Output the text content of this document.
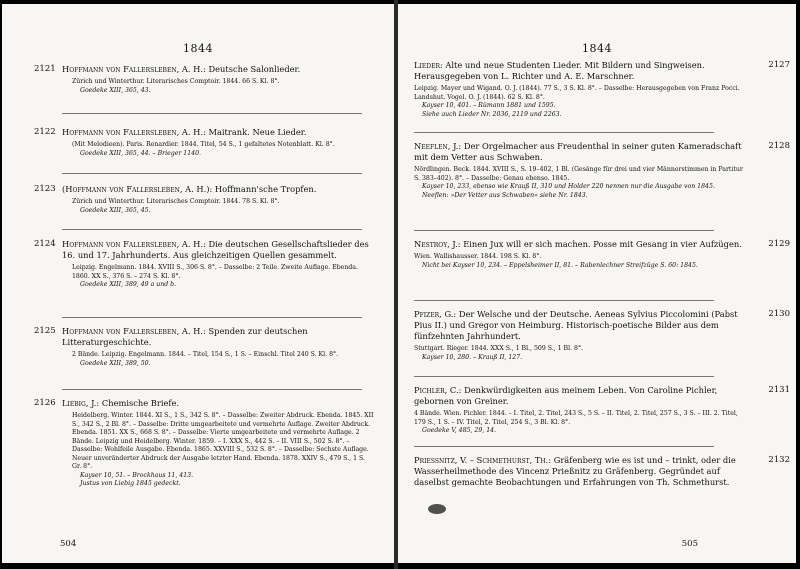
1844
2121 Hoffmann von Fallersleben, A. H.: Deutsche Salonlieder.
Zürich und Winterthur. Literarisches Comptoir. 1844. 66 S. Kl. 8°.
Goedeke XIII, 365, 43.
2122 Hoffmann von Fallersleben, A. H.: Maitrank. Neue Lieder.
(Mit Melodieen). Paris. Renardier. 1844. Titel, 54 S., 1 gefaltetes Notenblatt. Kl. 8°.
Goedeke XIII, 365, 44. – Brieger 1140.
2123 (Hoffmann von Fallersleben, A. H.): Hoffmann'sche Tropfen.
Zürich und Winterthur. Literarisches Comptoir. 1844. 78 S. Kl. 8°.
Goedeke XIII, 365, 45.
2124 Hoffmann von Fallersleben, A. H.: Die deutschen Gesellschaftslieder des 16. und 17. Jahrhunderts. Aus gleichzeitigen Quellen gesammelt.
Leipzig. Engelmann. 1844. XVIII S., 306 S. 8°. – Dasselbe: 2 Teile. Zweite Auflage. Ebenda. 1860. XX S., 376 S. – 274 S. Kl. 8°.
Goedeke XIII, 389, 49 a und b.
2125 Hoffmann von Fallersleben, A. H.: Spenden zur deutschen Litteraturgeschichte.
2 Bände. Leipzig. Engelmann. 1844. – Titel, 154 S., 1 S. – Einschl. Titel 240 S. Kl. 8°.
Goedeke XIII, 389, 50.
2126 Liebig, J.: Chemische Briefe.
Heidelberg. Winter. 1844. XI S., 1 S., 342 S. 8°. – Dasselbe: Zweiter Abdruck. Ebenda. 1845. XII S., 342 S., 2 Bl. 8°. – Dasselbe: Dritte umgearbeitete und vermehrte Auflage. Zweiter Abdruck. Ebenda. 1851. XX S., 668 S. 8°. – Dasselbe: Vierte umgearbeitete und vermehrte Auflage. 2 Bände. Leipzig und Heidelberg. Winter. 1859. – I. XXX S., 442 S. – II. VIII S., 502 S. 8°. – Dasselbe: Wohlfeile Ausgabe. Ebenda. 1865. XXVIII S., 532 S. 8°. – Dasselbe: Sechste Auflage. Neuer unveränderter Abdruck der Ausgabe letzter Hand. Ebenda. 1878. XXIV S., 479 S., 1 S. Gr. 8°.
Kayser 10, 51. – Brockhaus 11, 413.
Justus von Liebig 1845 gedeckt.
504
1844
2127
Lieder: Alte und neue Studenten Lieder. Mit Bildern und Singweisen. Herausgegeben von L. Richter und A. E. Marschner.
Leipzig. Mayer und Wigand. O. J. (1844). 77 S., 3 S. Kl. 8°. – Dasselbe: Herausgegeben von Franz Pocci. Landshut. Vogel. O. J. (1844). 62 S. Kl. 8°.
Kayser 10, 401. – Rümann 1881 und 1595.
Siehe auch Lieder Nr. 2036, 2119 und 2263.
2128
Neeflen, J.: Der Orgelmacher aus Freudenthal in seiner guten Kameradschaft mit dem Vetter aus Schwaben.
Nördlingen. Beck. 1844. XVIII S., S. 19–402, 1 Bl. (Gesänge für drei und vier Männerstimmen in Partitur S. 383–402). 8°. – Dasselbe: Genau ebenso. 1845.
Kayser 10, 233, ebenso wie Krauß II, 310 und Holder 220 nennen nur die Ausgabe von 1845.
Neeflen: »Der Vetter aus Schwaben« siehe Nr. 1843.
2129
Nestroy, J.: Einen Jux will er sich machen. Posse mit Gesang in vier Aufzügen.
Wien. Wallishausser. 1844. 198 S. Kl. 8°.
Nicht bei Kayser 10, 234. – Eppelsheimer II, 81. – Rabenlechner Streifzüge S. 60: 1845.
2130
Pfizer, G.: Der Welsche und der Deutsche. Aeneas Sylvius Piccolomini (Pabst Pius II.) und Gregor von Heimburg. Historisch-poetische Bilder aus dem fünfzehnten Jahrhundert.
Stuttgart. Rieger. 1844. XXX S., 1 Bl., 509 S., 1 Bl. 8°.
Kayser 10, 280. – Krauß II, 127.
2131
Pichler, C.: Denkwürdigkeiten aus meinem Leben. Von Caroline Pichler, gebornen von Greiner.
4 Bände. Wien. Pichler. 1844. – I. Titel, 2. Titel, 243 S., 5 S. – II. Titel, 2. Titel, 257 S., 3 S. – III. 2. Titel, 179 S., 1 S. – IV. Titel, 2. Titel, 254 S., 3 Bl. Kl. 8°.
Goedeke V, 485, 29, 14.
2132
Priessnitz, V. – Schmethurst, Th.: Gräfenberg wie es ist und – trinkt, oder die Wasserheilmethode des Vincenz Prießnitz zu Gräfenberg. Gegründet auf daselbst gemachte Beobachtungen und Erfahrungen von Th. Schmethurst.
505
